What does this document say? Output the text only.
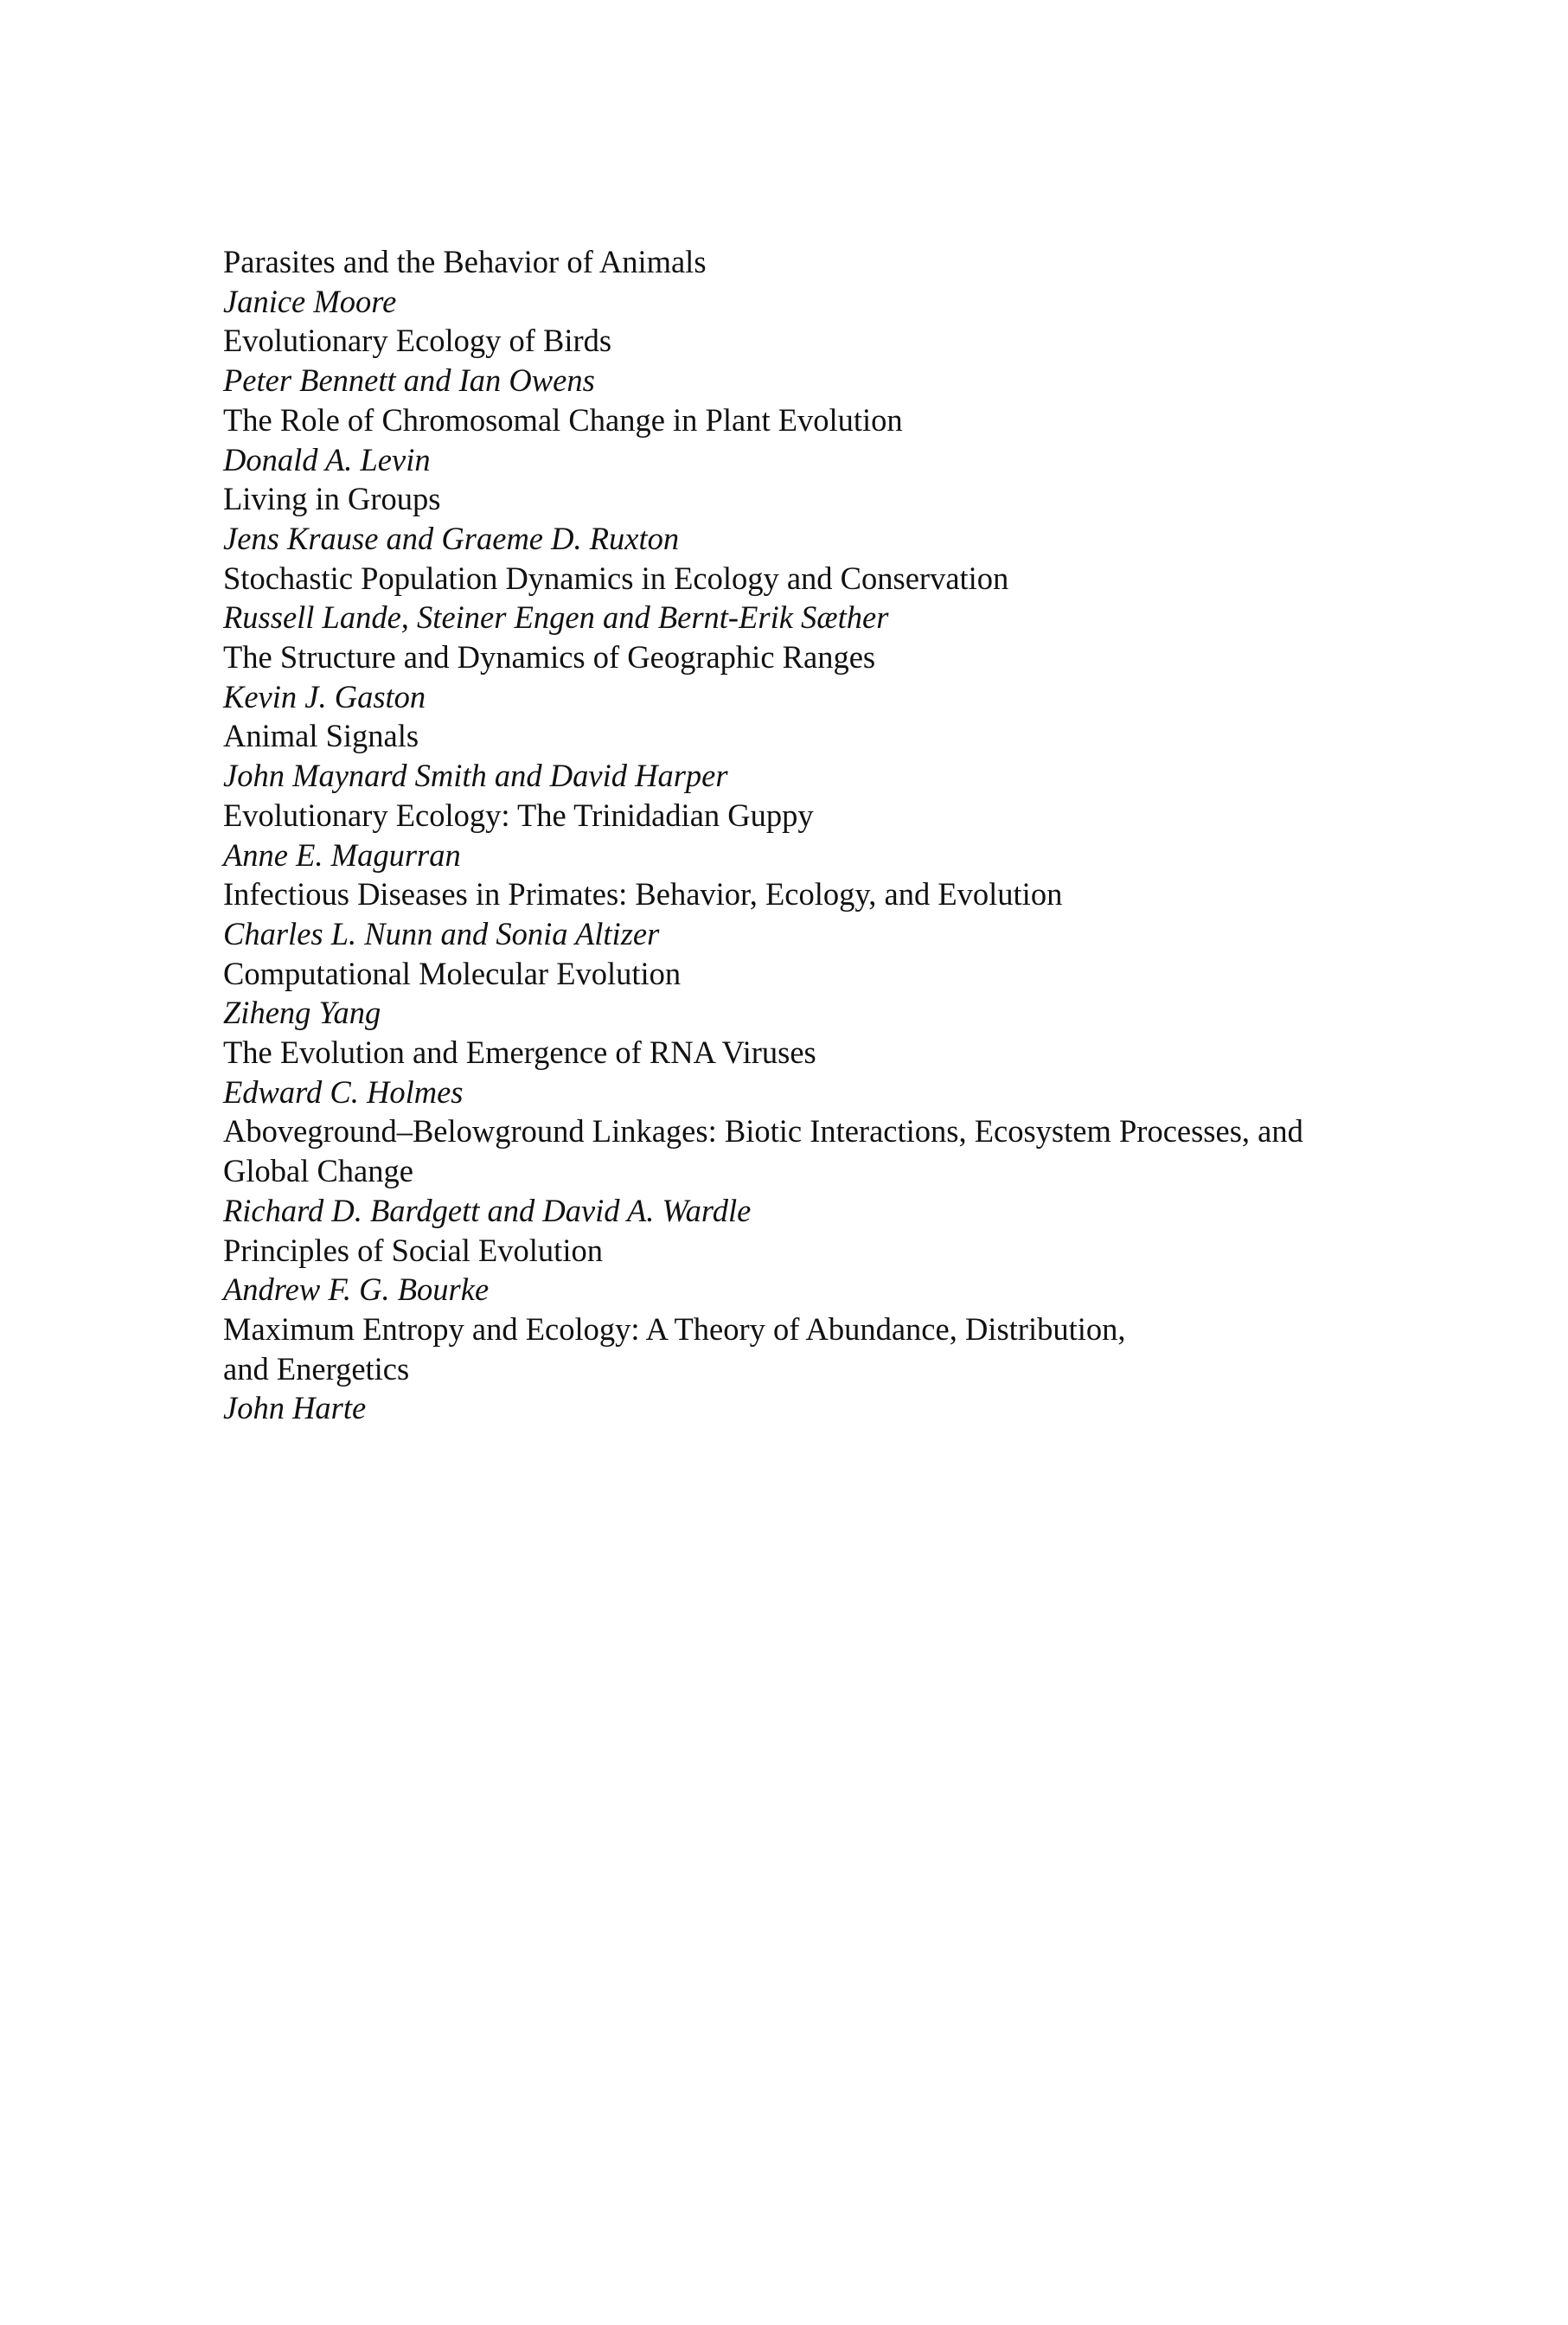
Parasites and the Behavior of Animals
Janice Moore
Evolutionary Ecology of Birds
Peter Bennett and Ian Owens
The Role of Chromosomal Change in Plant Evolution
Donald A. Levin
Living in Groups
Jens Krause and Graeme D. Ruxton
Stochastic Population Dynamics in Ecology and Conservation
Russell Lande, Steiner Engen and Bernt-Erik Sæther
The Structure and Dynamics of Geographic Ranges
Kevin J. Gaston
Animal Signals
John Maynard Smith and David Harper
Evolutionary Ecology: The Trinidadian Guppy
Anne E. Magurran
Infectious Diseases in Primates: Behavior, Ecology, and Evolution
Charles L. Nunn and Sonia Altizer
Computational Molecular Evolution
Ziheng Yang
The Evolution and Emergence of RNA Viruses
Edward C. Holmes
Aboveground–Belowground Linkages: Biotic Interactions, Ecosystem Processes, and
Global Change
Richard D. Bardgett and David A. Wardle
Principles of Social Evolution
Andrew F. G. Bourke
Maximum Entropy and Ecology: A Theory of Abundance, Distribution,
and Energetics
John Harte
